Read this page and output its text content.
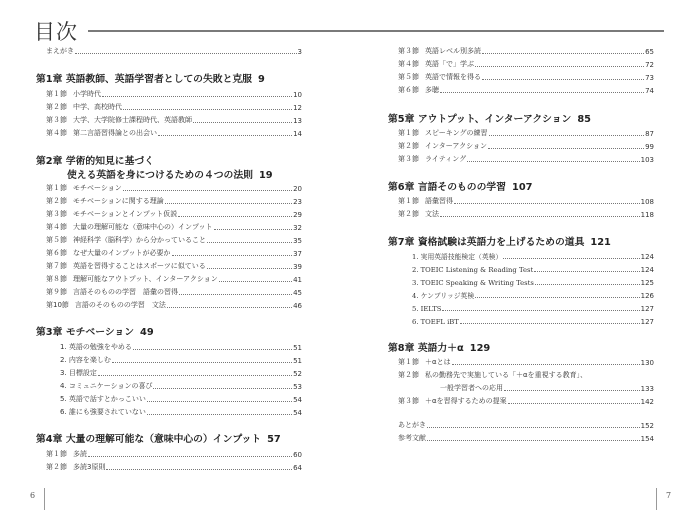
目次
まえがき	3
第1章 英語教師、英語学習者としての失敗と克服 9
第１節 小学時代	10
第２節 中学、高校時代	12
第３節 大学、大学院修士課程時代、英語教師	13
第４節 第二言語習得論との出会い	14
第2章 学術的知見に基づく
使える英語を身につけるための４つの法則 19
第１節 モチベーション	20
第２節 モチベーションに関する理論	23
第３節 モチベーションとインプット仮説	29
第４節 大量の理解可能な（意味中心の）インプット	32
第５節 神経科学（脳科学）から分かっていること	35
第６節 なぜ大量のインプットが必要か	37
第７節 英語を習得することはスポーツに似ている	39
第８節 理解可能なアウトプット、インターアクション	41
第９節 言語そのものの学習　語彙の習得	45
第10節 言語のそのものの学習　文法	46
第3章 モチベーション 49
1. 英語の勉強をやめる	51
2. 内容を楽しむ	51
3. 目標設定	52
4. コミュニケーションの喜び	53
5. 英語で話すとかっこいい	54
6. 誰にも強要されていない	54
第4章 大量の理解可能な（意味中心の）インプット 57
第１節 多読	60
第２節 多読3原則	64
第３節 英語レベル別多読	65
第４節 英語「で」学ぶ	72
第５節 英語で情報を得る	73
第６節 多聴	74
第5章 アウトプット、インターアクション 85
第１節 スピーキングの練習	87
第２節 インターアクション	99
第３節 ライティング	103
第6章 言語そのものの学習 107
第１節 語彙習得	108
第２節 文法	118
第7章 資格試験は英語力を上げるための道具 121
1. 実用英語技能検定（英検）	124
2. TOEIC Listening & Reading Test	124
3. TOEIC Speaking & Writing Tests	125
4. ケンブリッジ英検	126
5. IELTS	127
6. TOEFL iBT	127
第8章 英語力＋α 129
第１節 ＋αとは	130
第２節 私の勤務先で実施している「＋αを重視する教育」、
一般学習者への応用	133
第３節 ＋αを習得するための提案	142
あとがき	152
参考文献	154
6	7
